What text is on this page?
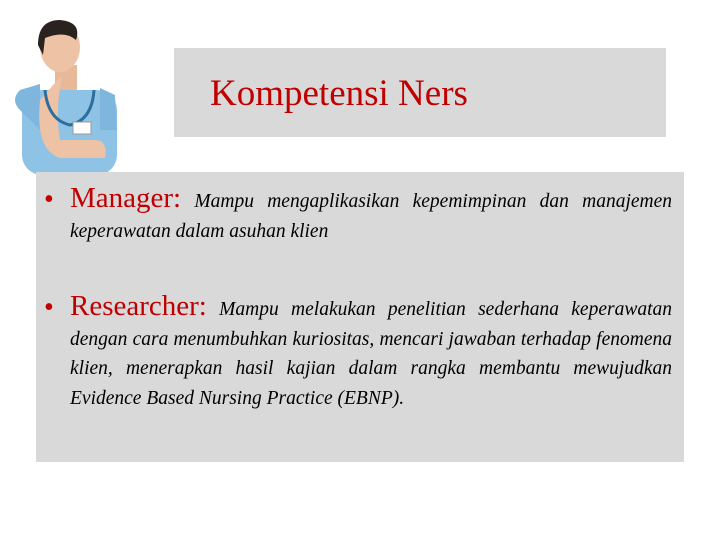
Kompetensi Ners
• Manager: Mampu mengaplikasikan kepemimpinan dan manajemen keperawatan dalam asuhan klien
• Researcher: Mampu melakukan penelitian sederhana keperawatan dengan cara menumbuhkan kuriositas, mencari jawaban terhadap fenomena klien, menerapkan hasil kajian dalam rangka membantu mewujudkan Evidence Based Nursing Practice (EBNP).
